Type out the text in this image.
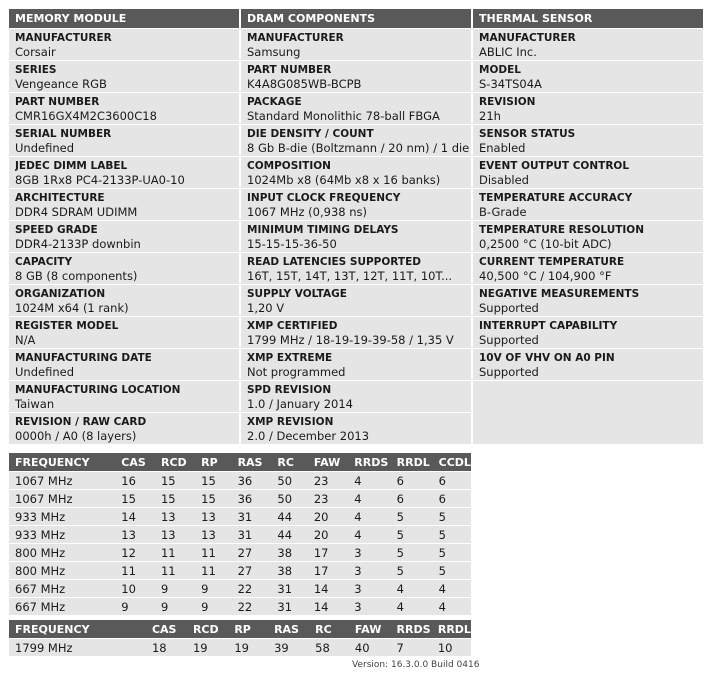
MEMORY MODULE
MANUFACTURER
Corsair
SERIES
Vengeance RGB
PART NUMBER
CMR16GX4M2C3600C18
SERIAL NUMBER
Undefined
JEDEC DIMM LABEL
8GB 1Rx8 PC4-2133P-UA0-10
ARCHITECTURE
DDR4 SDRAM UDIMM
SPEED GRADE
DDR4-2133P downbin
CAPACITY
8 GB (8 components)
ORGANIZATION
1024M x64 (1 rank)
REGISTER MODEL
N/A
MANUFACTURING DATE
Undefined
MANUFACTURING LOCATION
Taiwan
REVISION / RAW CARD
0000h / A0 (8 layers)
DRAM COMPONENTS
MANUFACTURER
Samsung
PART NUMBER
K4A8G085WB-BCPB
PACKAGE
Standard Monolithic 78-ball FBGA
DIE DENSITY / COUNT
8 Gb B-die (Boltzmann / 20 nm) / 1 die
COMPOSITION
1024Mb x8 (64Mb x8 x 16 banks)
INPUT CLOCK FREQUENCY
1067 MHz (0,938 ns)
MINIMUM TIMING DELAYS
15-15-15-36-50
READ LATENCIES SUPPORTED
16T, 15T, 14T, 13T, 12T, 11T, 10T...
SUPPLY VOLTAGE
1,20 V
XMP CERTIFIED
1799 MHz / 18-19-19-39-58 / 1,35 V
XMP EXTREME
Not programmed
SPD REVISION
1.0 / January 2014
XMP REVISION
2.0 / December 2013
THERMAL SENSOR
MANUFACTURER
ABLIC Inc.
MODEL
S-34TS04A
REVISION
21h
SENSOR STATUS
Enabled
EVENT OUTPUT CONTROL
Disabled
TEMPERATURE ACCURACY
B-Grade
TEMPERATURE RESOLUTION
0,2500 °C (10-bit ADC)
CURRENT TEMPERATURE
40,500 °C / 104,900 °F
NEGATIVE MEASUREMENTS
Supported
INTERRUPT CAPABILITY
Supported
10V OF VHV ON A0 PIN
Supported
FREQUENCY	CAS	RCD	RP	RAS	RC	FAW	RRDS	RRDL	CCDL
1067 MHz	16	15	15	36	50	23	4	6	6
1067 MHz	15	15	15	36	50	23	4	6	6
933 MHz	14	13	13	31	44	20	4	5	5
933 MHz	13	13	13	31	44	20	4	5	5
800 MHz	12	11	11	27	38	17	3	5	5
800 MHz	11	11	11	27	38	17	3	5	5
667 MHz	10	9	9	22	31	14	3	4	4
667 MHz	9	9	9	22	31	14	3	4	4
FREQUENCY	CAS	RCD	RP	RAS	RC	FAW	RRDS	RRDL
1799 MHz	18	19	19	39	58	40	7	10
Version: 16.3.0.0 Build 0416
